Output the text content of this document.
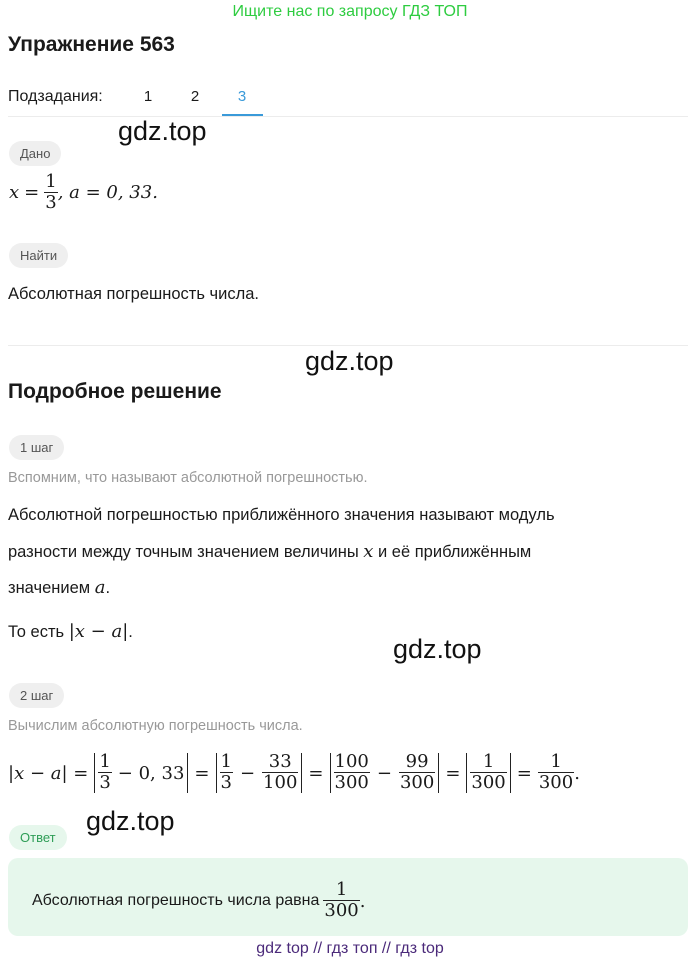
Ищите нас по запросу ГДЗ ТОП
Упражнение 563
Подзадания:	1	2	3
gdz.top
Дано
$x = \frac{1}{3}$ , a = 0, 33.
Найти
Абсолютная погрешность числа.
gdz.top
Подробное решение
1 шаг
Вспомним, что называют абсолютной погрешностью.
Абсолютной погрешностью приближённого значения называют модуль
разности между точным значением величины x и её приближённым
значением a.
То есть |x − a|.
gdz.top
2 шаг
Вычислим абсолютную погрешность числа.
$|x - a| = \frac{1}{3} - 0$, $33 = \frac{1}{3} - \frac{33}{100} = \frac{100}{300} - \frac{99}{300} = \frac{1}{300} = \frac{1}{300}$ .
Ответ
gdz.top
Абсолютная погрешность числа равна $\frac{1}{300}$ .
gdz top // гдз топ // гдз top
